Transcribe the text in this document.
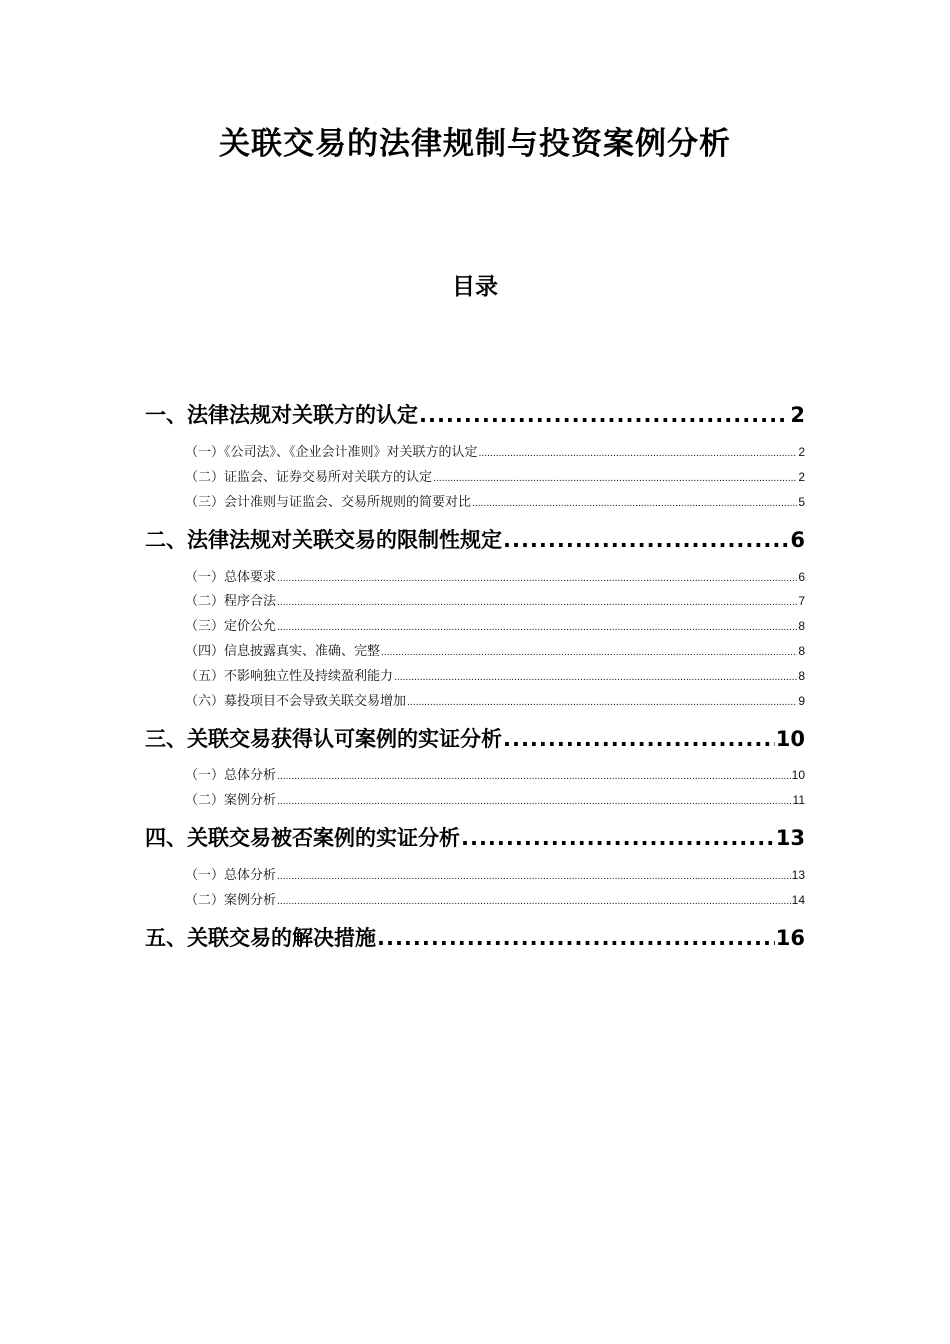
关联交易的法律规制与投资案例分析
目录
一、法律法规对关联方的认定 .....	2
（一）《公司法》、《企业会计准则》对关联方的认定 .....	2
（二）证监会、证券交易所对关联方的认定 .....	2
（三）会计准则与证监会、交易所规则的简要对比 .....	5
二、法律法规对关联交易的限制性规定 .....	6
（一）总体要求 .....	6
（二）程序合法 .....	7
（三）定价公允 .....	8
（四）信息披露真实、准确、完整 .....	8
（五）不影响独立性及持续盈利能力 .....	8
（六）募投项目不会导致关联交易增加 .....	9
三、关联交易获得认可案例的实证分析 .....	10
（一）总体分析 .....	10
（二）案例分析 .....	11
四、关联交易被否案例的实证分析 .....	13
（一）总体分析 .....	13
（二）案例分析 .....	14
五、关联交易的解决措施 .....	16
